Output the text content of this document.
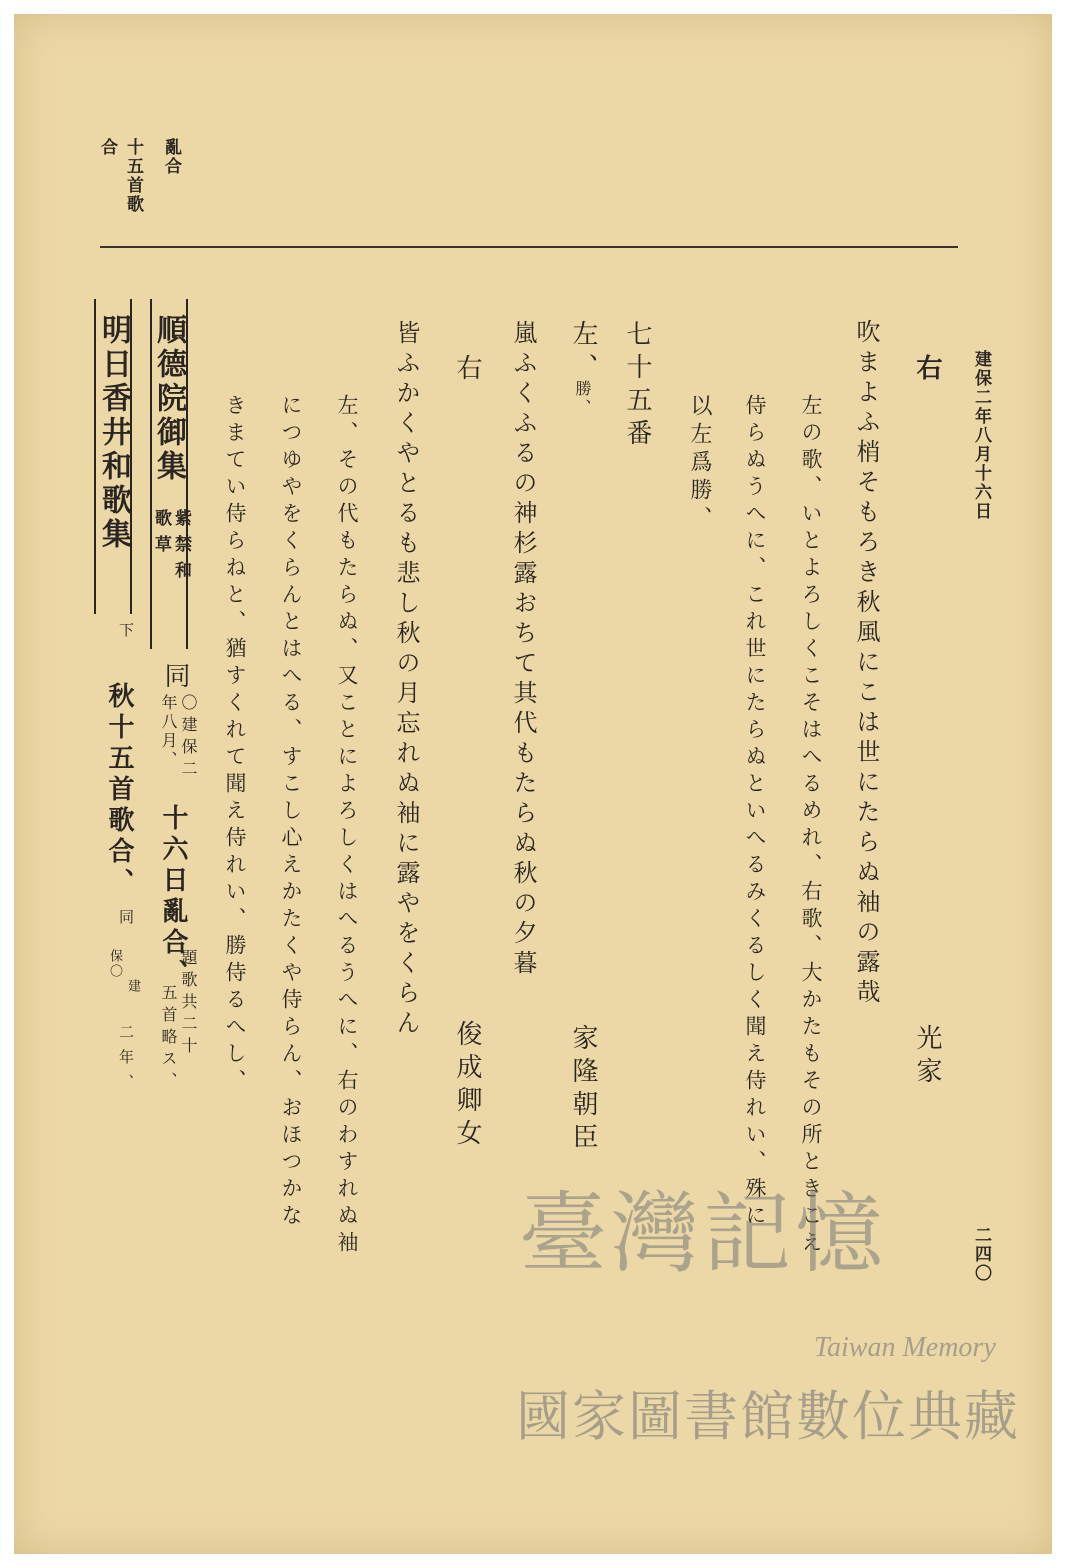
亂合
十五首歌
合
建保二年八月十六日
二四〇
右
吹まよふ梢そもろき秋風にこは世にたらぬ袖の露哉
光家
左の歌、いとよろしくこそはへるめれ、右歌、大かたもその所ときこえ
侍らぬうへに、これ世にたらぬといへるみくるしく聞え侍れい、殊に
以左爲勝、
七十五番
左、
勝、
家隆朝臣
嵐ふくふるの神杉露おちて其代もたらぬ秋の夕暮
右
俊成卿女
皆ふかくやとるも悲し秋の月忘れぬ袖に露やをくらん
左、その代もたらぬ、又ことによろしくはへるうへに、右のわすれぬ袖
につゆやをくらんとはへる、すこし心えかたくや侍らん、おほつかな
きまてい侍らねと、猶すくれて聞え侍れい、勝侍るへし、
順德院御集
紫禁和
歌草
同
年八月、 〇建保二
十六日亂合、
五首略ス、 題歌共二十
明日香井和歌集
下
秋十五首歌合、
同
保〇
建
二年、
臺灣記憶
Taiwan Memory
國家圖書館數位典藏
